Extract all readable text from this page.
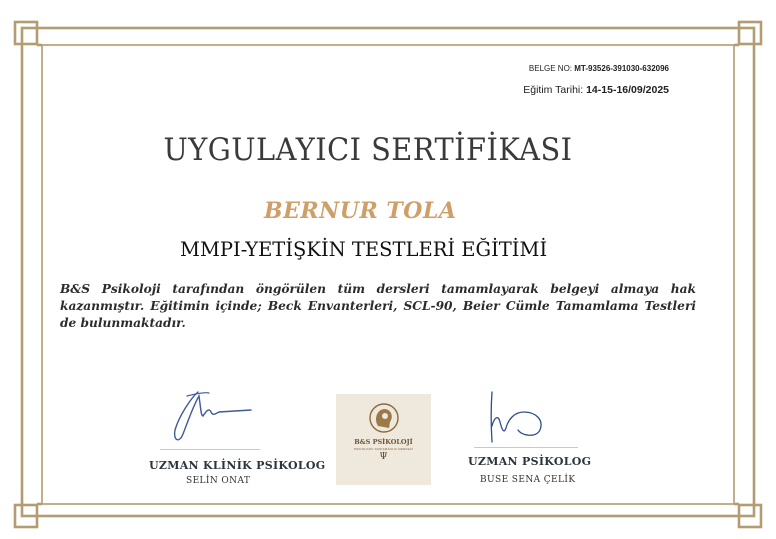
BELGE NO: MT-93526-391030-632096
Eğitim Tarihi: 14-15-16/09/2025
UYGULAYICI SERTİFİKASI
BERNUR TOLA
MMPI-YETİŞKİN TESTLERİ EĞİTİMİ
B&S Psikoloji tarafından öngörülen tüm dersleri tamamlayarak belgeyi almaya hak kazanmıştır. Eğitimin içinde; Beck Envanterleri, SCL-90, Beier Cümle Tamamlama Testleri de bulunmaktadır.
UZMAN KLİNİK PSİKOLOG
SELİN ONAT
B&S PSİKOLOJİ
PSİKOLOJİK DANIŞMANLIK MERKEZİ
Ψ	UZMAN PSİKOLOG
BUSE SENA ÇELİK
